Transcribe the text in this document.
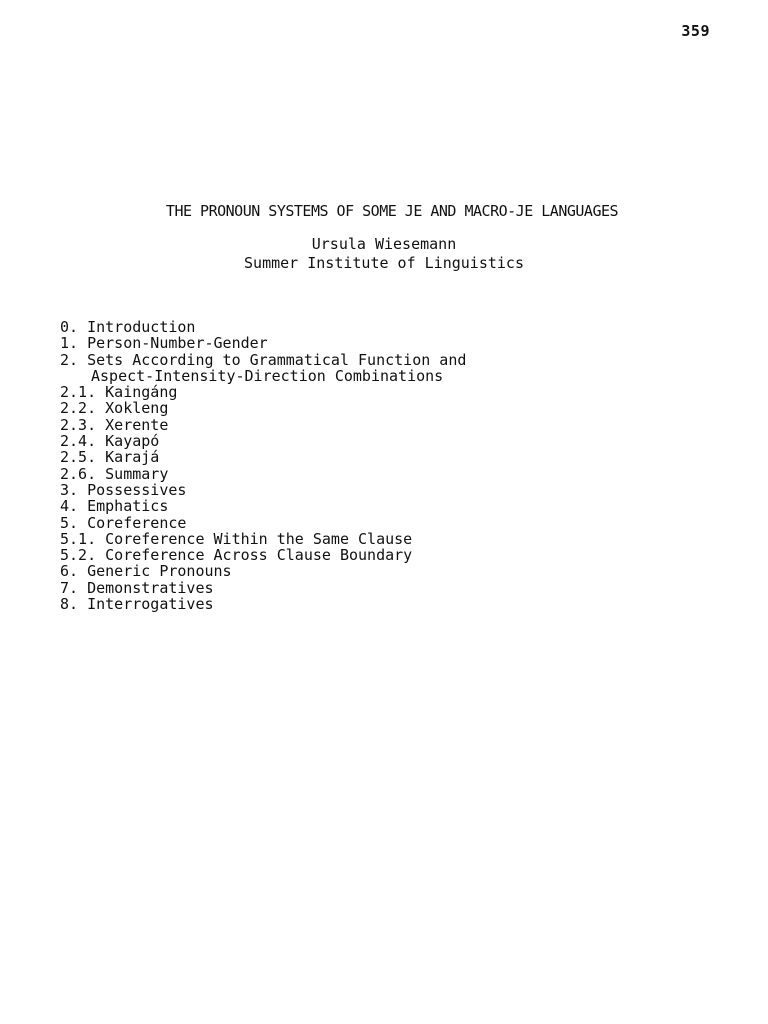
359
THE PRONOUN SYSTEMS OF SOME JE AND MACRO-JE LANGUAGES
Ursula Wiesemann
Summer Institute of Linguistics
0. Introduction
1. Person-Number-Gender
2. Sets According to Grammatical Function and
Aspect-Intensity-Direction Combinations
2.1. Kaingáng
2.2. Xokleng
2.3. Xerente
2.4. Kayapó
2.5. Karajá
2.6. Summary
3. Possessives
4. Emphatics
5. Coreference
5.1. Coreference Within the Same Clause
5.2. Coreference Across Clause Boundary
6. Generic Pronouns
7. Demonstratives
8. Interrogatives
